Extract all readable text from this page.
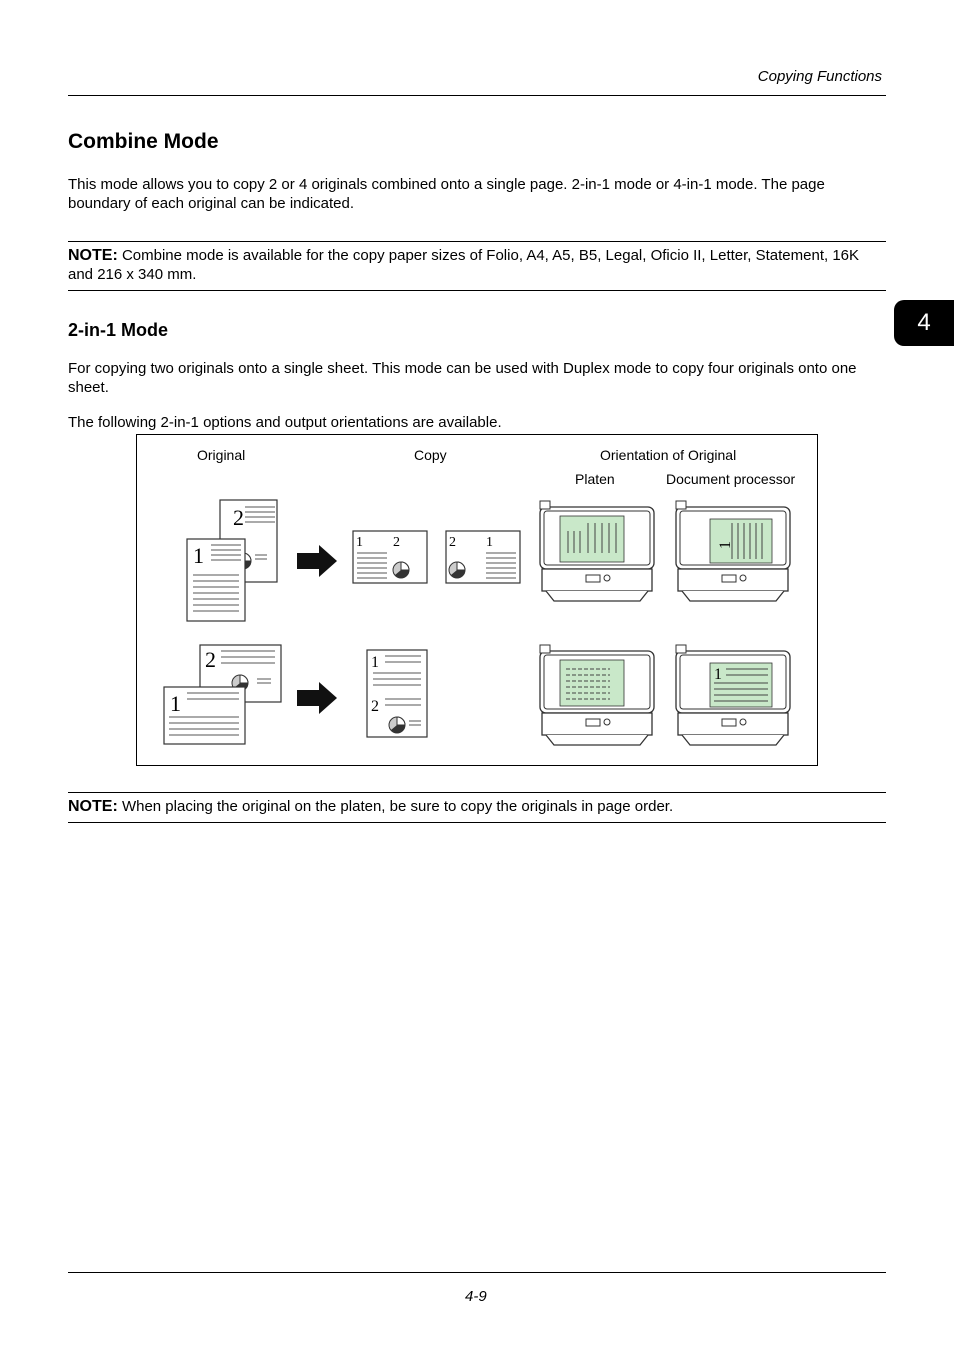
Copying Functions
Combine Mode
This mode allows you to copy 2 or 4 originals combined onto a single page. 2-in-1 mode or 4-in-1 mode. The page boundary of each original can be indicated.
NOTE: Combine mode is available for the copy paper sizes of Folio, A4, A5, B5, Legal, Oficio II, Letter, Statement, 16K and 216 x 340 mm.
4
2-in-1 Mode
For copying two originals onto a single sheet. This mode can be used with Duplex mode to copy four originals onto one sheet.
The following 2-in-1 options and output orientations are available.
Original	Copy	Orientation of Original
Platen	Document processor
2
1
1 2	2 1	1
2
1
1
2
1
NOTE: When placing the original on the platen, be sure to copy the originals in page order.
4-9
